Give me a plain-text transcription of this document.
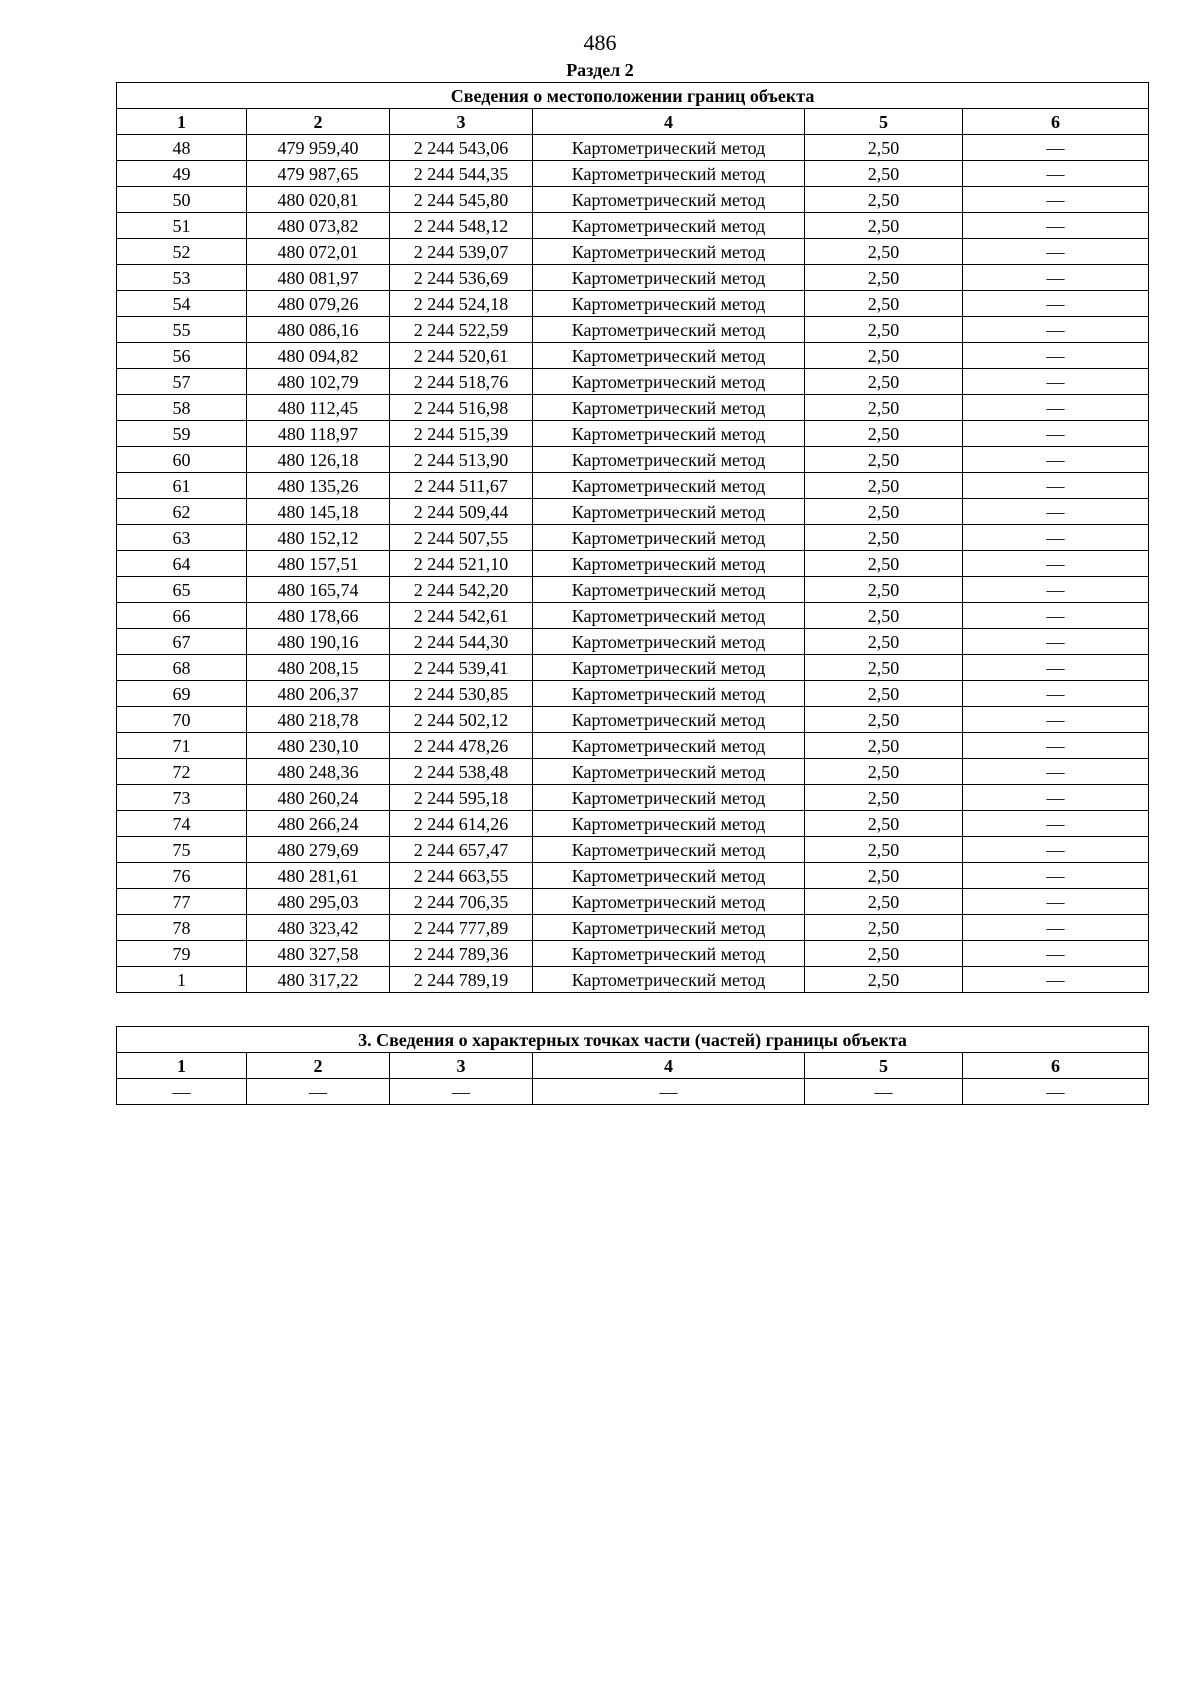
486
Раздел 2
Сведения о местоположении границ объекта					
1	2	3	4	5	6
48	479 959,40	2 244 543,06	Картометрический метод	2,50	—
49	479 987,65	2 244 544,35	Картометрический метод	2,50	—
50	480 020,81	2 244 545,80	Картометрический метод	2,50	—
51	480 073,82	2 244 548,12	Картометрический метод	2,50	—
52	480 072,01	2 244 539,07	Картометрический метод	2,50	—
53	480 081,97	2 244 536,69	Картометрический метод	2,50	—
54	480 079,26	2 244 524,18	Картометрический метод	2,50	—
55	480 086,16	2 244 522,59	Картометрический метод	2,50	—
56	480 094,82	2 244 520,61	Картометрический метод	2,50	—
57	480 102,79	2 244 518,76	Картометрический метод	2,50	—
58	480 112,45	2 244 516,98	Картометрический метод	2,50	—
59	480 118,97	2 244 515,39	Картометрический метод	2,50	—
60	480 126,18	2 244 513,90	Картометрический метод	2,50	—
61	480 135,26	2 244 511,67	Картометрический метод	2,50	—
62	480 145,18	2 244 509,44	Картометрический метод	2,50	—
63	480 152,12	2 244 507,55	Картометрический метод	2,50	—
64	480 157,51	2 244 521,10	Картометрический метод	2,50	—
65	480 165,74	2 244 542,20	Картометрический метод	2,50	—
66	480 178,66	2 244 542,61	Картометрический метод	2,50	—
67	480 190,16	2 244 544,30	Картометрический метод	2,50	—
68	480 208,15	2 244 539,41	Картометрический метод	2,50	—
69	480 206,37	2 244 530,85	Картометрический метод	2,50	—
70	480 218,78	2 244 502,12	Картометрический метод	2,50	—
71	480 230,10	2 244 478,26	Картометрический метод	2,50	—
72	480 248,36	2 244 538,48	Картометрический метод	2,50	—
73	480 260,24	2 244 595,18	Картометрический метод	2,50	—
74	480 266,24	2 244 614,26	Картометрический метод	2,50	—
75	480 279,69	2 244 657,47	Картометрический метод	2,50	—
76	480 281,61	2 244 663,55	Картометрический метод	2,50	—
77	480 295,03	2 244 706,35	Картометрический метод	2,50	—
78	480 323,42	2 244 777,89	Картометрический метод	2,50	—
79	480 327,58	2 244 789,36	Картометрический метод	2,50	—
1	480 317,22	2 244 789,19	Картометрический метод	2,50	—
3. Сведения о характерных точках части (частей) границы объекта					
1	2	3	4	5	6
—	—	—	—	—	—
